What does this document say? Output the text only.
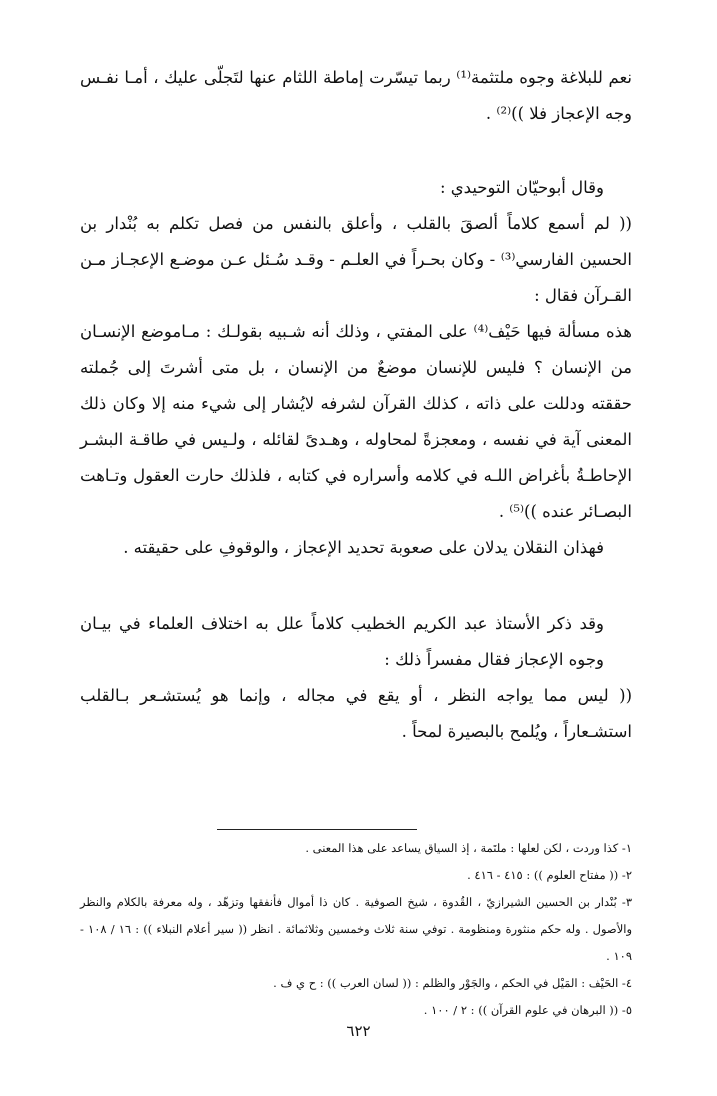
نعم للبلاغة وجوه ملتثمة⁽¹⁾ ربما تيسّرت إماطة اللثام عنها لتَجلّى عليك ، أمـا نفـس وجه الإعجاز فلا ))⁽²⁾ .

وقال أبوحيّان التوحيدي :

(( لم أسمع كلاماً ألصقَ بالقلب ، وأعلق بالنفس من فصل تكلم به بُنْدار بن الحسين الفارسي⁽³⁾ - وكان بحـراً في العلـم - وقـد سُـئل عـن موضـع الإعجـاز مـن القـرآن فقال :

هذه مسألة فيها حَيْف⁽⁴⁾ على المفتي ، وذلك أنه شـبيه بقولـك : مـاموضع الإنسـان من الإنسان ؟ فليس للإنسان موضعٌ من الإنسان ، بل متى أشرتَ إلى جُملته حققته ودللت على ذاته ، كذلك القرآن لشرفه لايُشار إلى شيء منه إلا وكان ذلك المعنى آية في نفسه ، ومعجزةً لمحاوله ، وهـدىً لقائله ، ولـيس في طاقـة البشـر الإحاطـةُ بأغراض اللـه في كلامه وأسراره في كتابه ، فلذلك حارت العقول وتـاهت البصـائر عنده ))⁽⁵⁾ .

فهذان النقلان يدلان على صعوبة تحديد الإعجاز ، والوقوفِ على حقيقته .

وقد ذكر الأستاذ عبد الكريم الخطيب كلاماً علل به اختلاف العلماء في بيـان وجوه الإعجاز فقال مفسراً ذلك :

(( ليس مما يواجه النظر ، أو يقع في مجاله ، وإنما هو يُستشـعر بـالقلب استشـعاراً ، ويُلمح بالبصيرة لمحاً .

١- كذا وردت ، لكن لعلها : ملتَمة ، إذ السياق يساعد على هذا المعنى .

٢- (( مفتاح العلوم )) : ٤١٥ - ٤١٦ .

٣- بُنْدار بن الحسين الشيرازيّ ، القُدوة ، شيخ الصوفية . كان ذا أموال فأنفقها وتزهّد ، وله معرفة بالكلام والنظر والأصول . وله حكم منثورة ومنظومة . توفي سنة ثلاث وخمسين وثلاثمائة . انظر (( سير أعلام النبلاء )) : ١٦ / ١٠٨ - ١٠٩ .

٤- الحَيْف : المَيْل في الحكم ، والجَوْر والظلم : (( لسان العرب )) : ح ي ف .

٥- (( البرهان في علوم القرآن )) : ٢ / ١٠٠ .

٦٢٢
